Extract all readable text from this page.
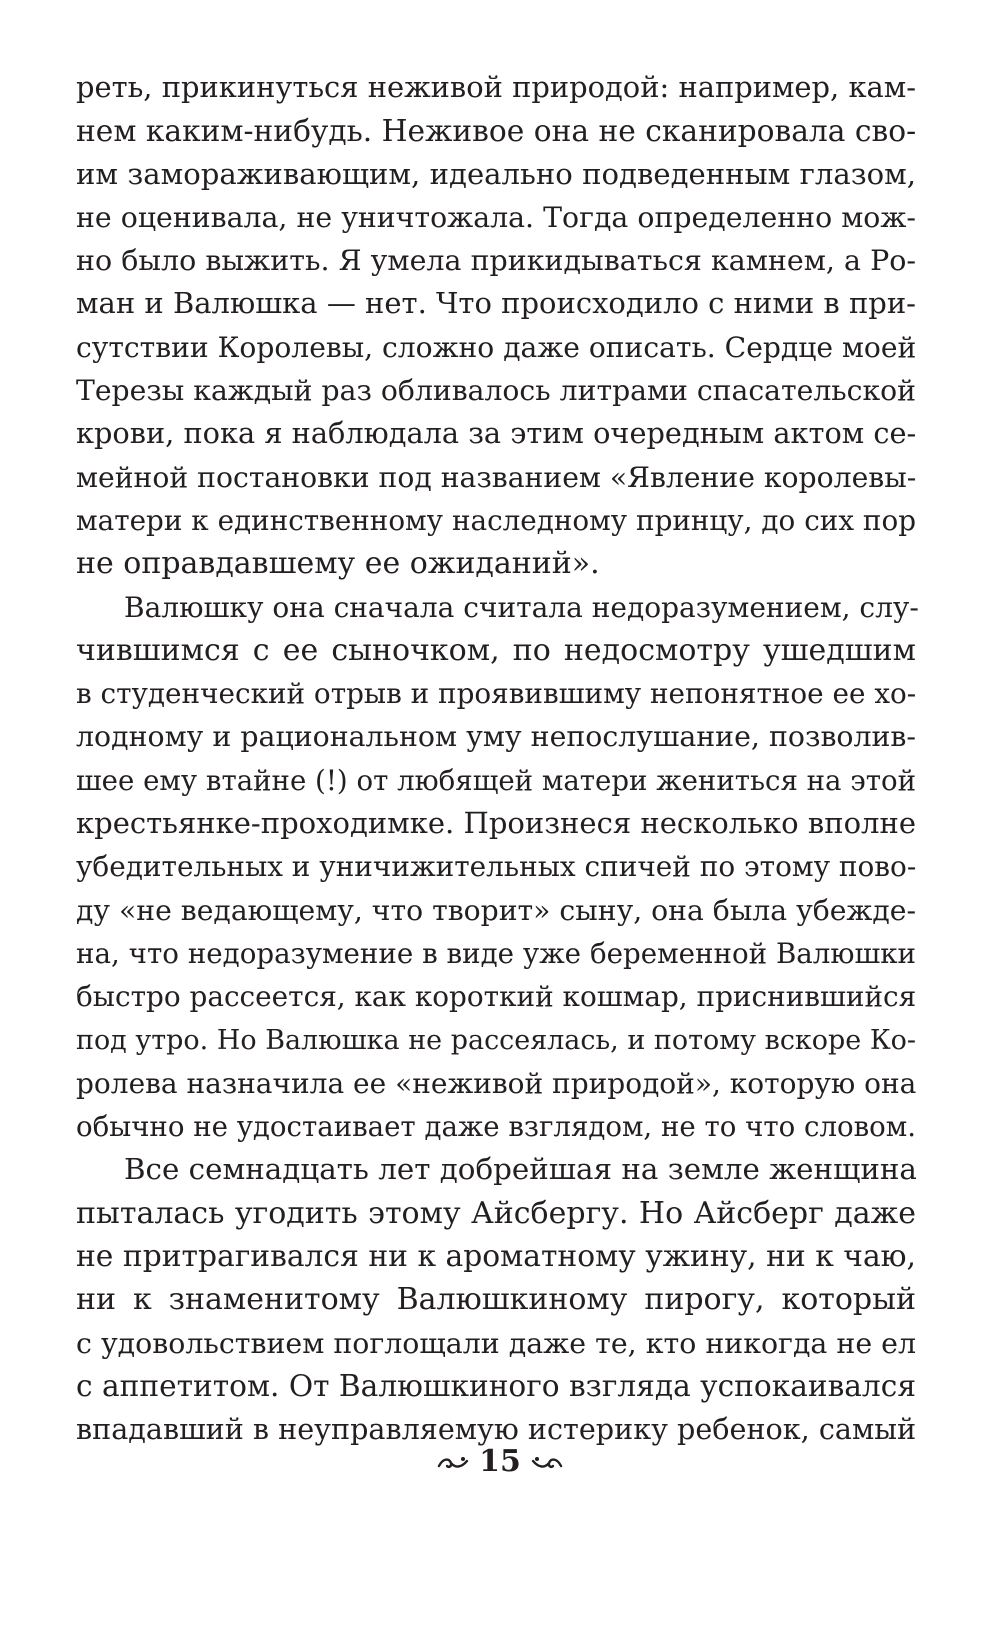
реть, прикинуться неживой природой: например, кам-
нем каким-нибудь. Неживое она не сканировала сво-
им замораживающим, идеально подведенным глазом,
не оценивала, не уничтожала. Тогда определенно мож-
но было выжить. Я умела прикидываться камнем, а Ро-
ман и Валюшка — нет. Что происходило с ними в при-
сутствии Королевы, сложно даже описать. Сердце моей
Терезы каждый раз обливалось литрами спасательской
крови, пока я наблюдала за этим очередным актом се-
мейной постановки под названием «Явление королевы-
матери к единственному наследному принцу, до сих пор
не оправдавшему ее ожиданий».
Валюшку она сначала считала недоразумением, слу-
чившимся с ее сыночком, по недосмотру ушедшим
в студенческий отрыв и проявившиму непонятное ее хо-
лодному и рациональном уму непослушание, позволив-
шее ему втайне (!) от любящей матери жениться на этой
крестьянке-проходимке. Произнеся несколько вполне
убедительных и уничижительных спичей по этому пово-
ду «не ведающему, что творит» сыну, она была убежде-
на, что недоразумение в виде уже беременной Валюшки
быстро рассеется, как короткий кошмар, приснившийся
под утро. Но Валюшка не рассеялась, и потому вскоре Ко-
ролева назначила ее «неживой природой», которую она
обычно не удостаивает даже взглядом, не то что словом.
Все семнадцать лет добрейшая на земле женщина
пыталась угодить этому Айсбергу. Но Айсберг даже
не притрагивался ни к ароматному ужину, ни к чаю,
ни к знаменитому Валюшкиному пирогу, который
с удовольствием поглощали даже те, кто никогда не ел
с аппетитом. От Валюшкиного взгляда успокаивался
впадавший в неуправляемую истерику ребенок, самый
15
